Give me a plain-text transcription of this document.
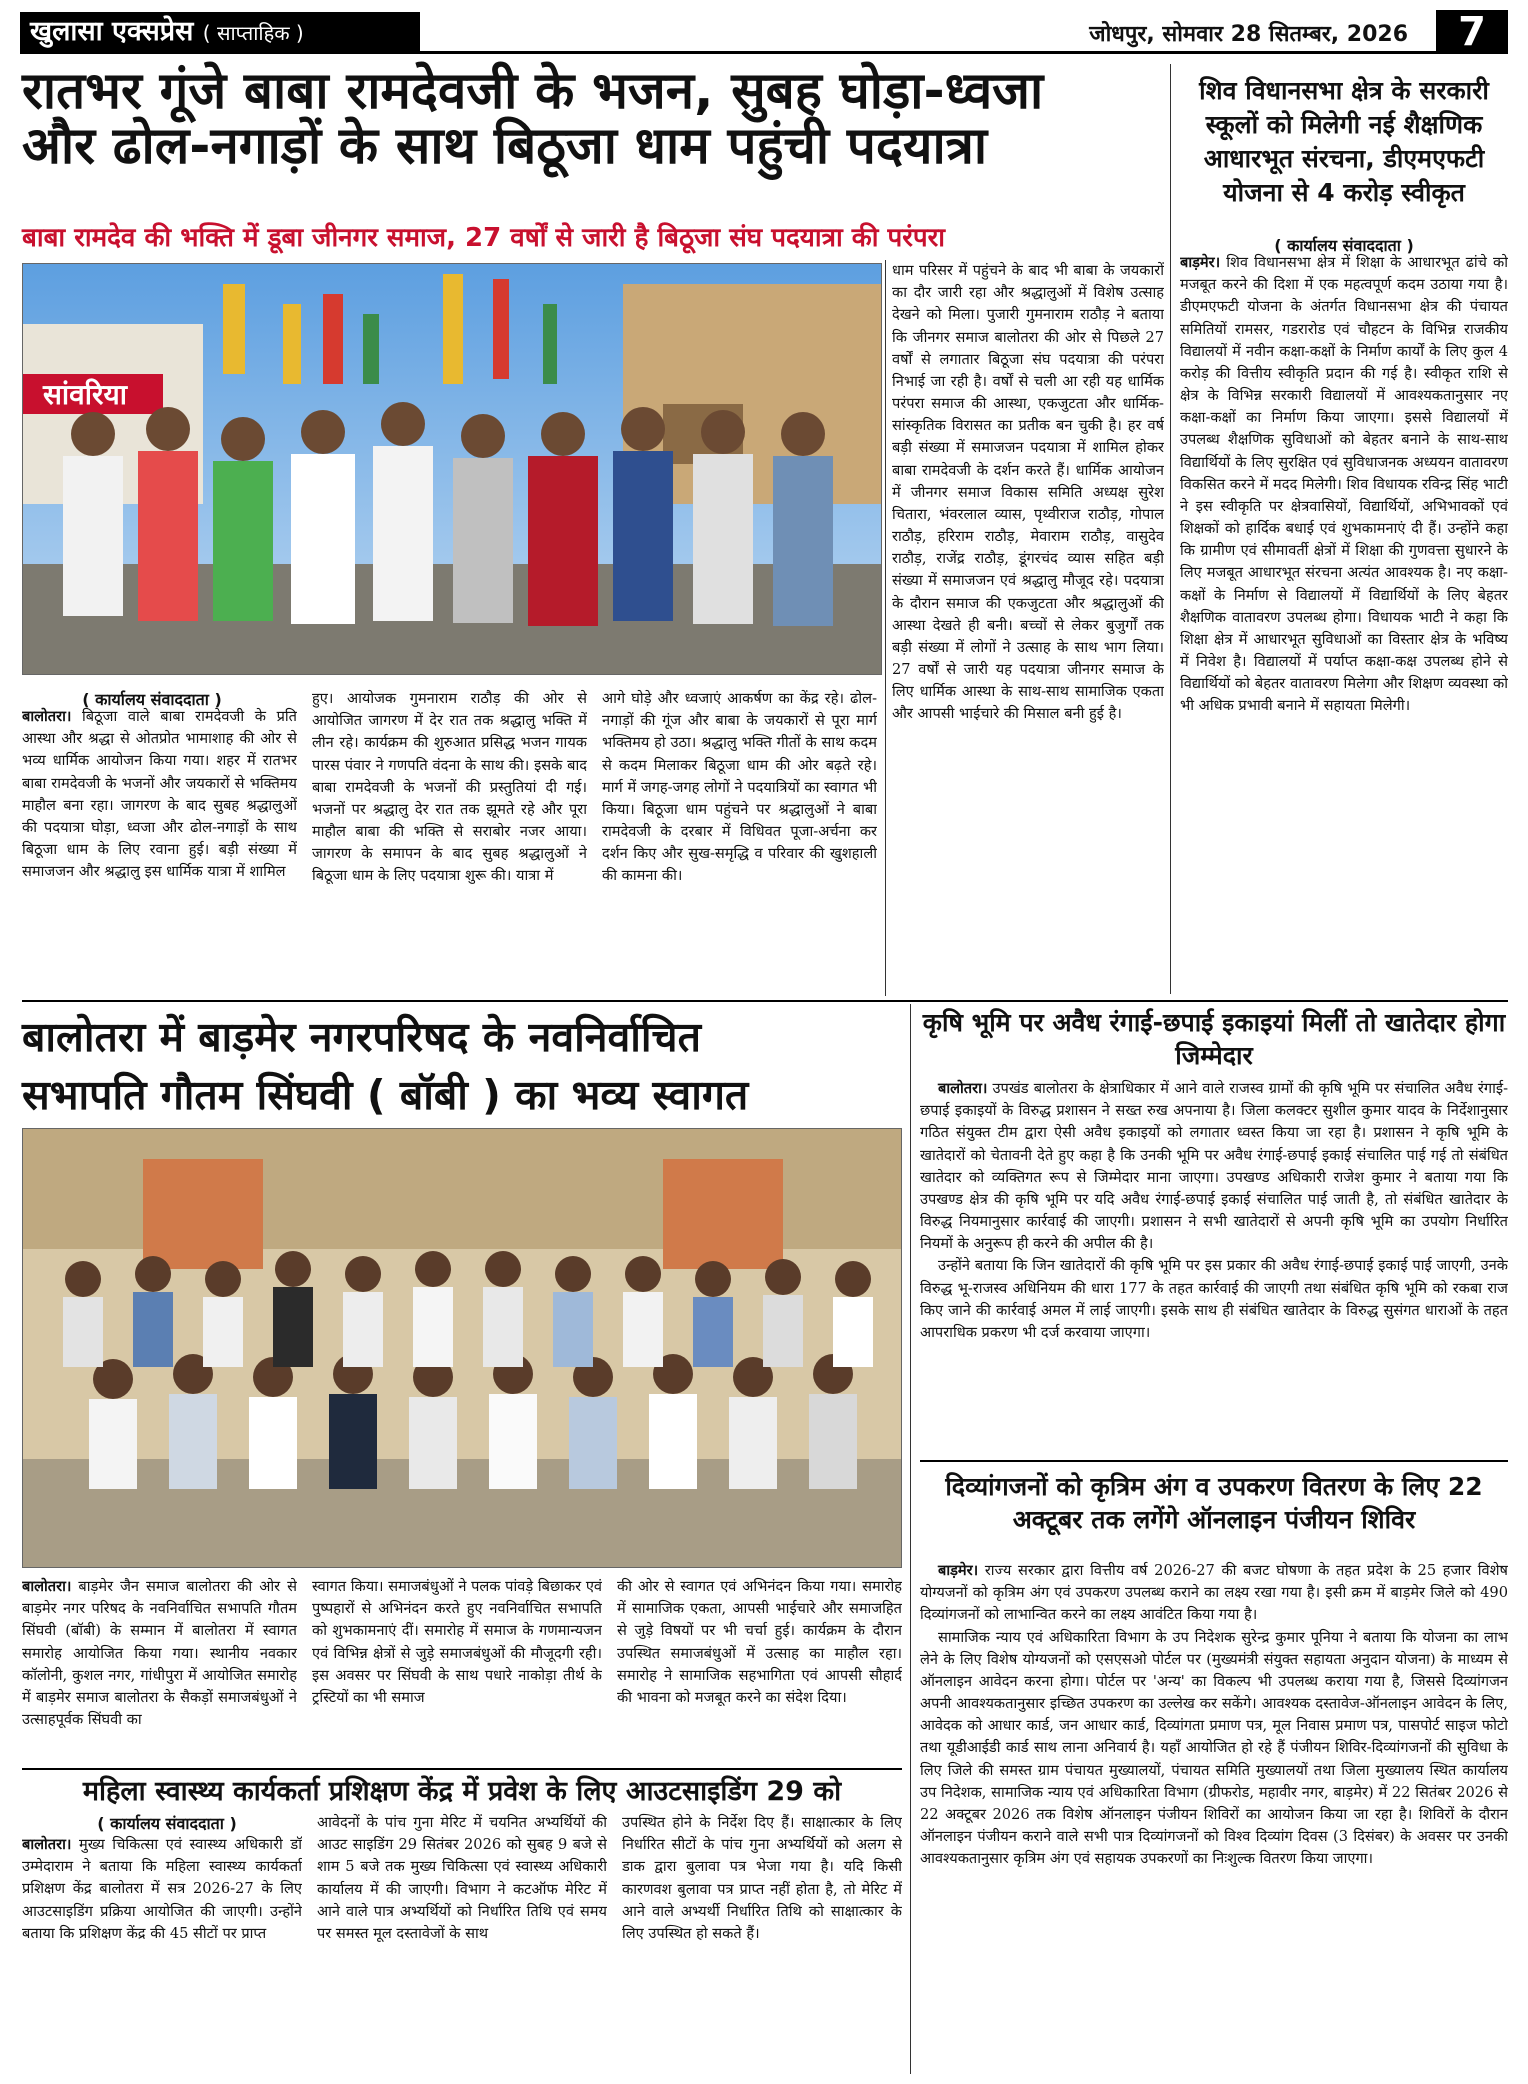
खुलासा एक्सप्रेस ( साप्ताहिक )	जोधपुर, सोमवार 28 सितम्बर, 2026	7
रातभर गूंजे बाबा रामदेवजी के भजन, सुबह घोड़ा-ध्वजा
और ढोल-नगाड़ों के साथ बिठूजा धाम पहुंची पदयात्रा
बाबा रामदेव की भक्ति में डूबा जीनगर समाज, 27 वर्षों से जारी है बिठूजा संघ पदयात्रा की परंपरा
सांवरिया
( कार्यालय संवाददाता )
बालोतरा। बिठूजा वाले बाबा रामदेवजी के प्रति आस्था और श्रद्धा से ओतप्रोत भामाशाह की ओर से भव्य धार्मिक आयोजन किया गया। शहर में रातभर बाबा रामदेवजी के भजनों और जयकारों से भक्तिमय माहौल बना रहा। जागरण के बाद सुबह श्रद्धालुओं की पदयात्रा घोड़ा, ध्वजा और ढोल-नगाड़ों के साथ बिठूजा धाम के लिए रवाना हुई। बड़ी संख्या में समाजजन और श्रद्धालु इस धार्मिक यात्रा में शामिल
हुए। आयोजक गुमनाराम राठौड़ की ओर से आयोजित जागरण में देर रात तक श्रद्धालु भक्ति में लीन रहे। कार्यक्रम की शुरुआत प्रसिद्ध भजन गायक पारस पंवार ने गणपति वंदना के साथ की। इसके बाद बाबा रामदेवजी के भजनों की प्रस्तुतियां दी गई। भजनों पर श्रद्धालु देर रात तक झूमते रहे और पूरा माहौल बाबा की भक्ति से सराबोर नजर आया।जागरण के समापन के बाद सुबह श्रद्धालुओं ने बिठूजा धाम के लिए पदयात्रा शुरू की। यात्रा में
आगे घोड़े और ध्वजाएं आकर्षण का केंद्र रहे। ढोल-नगाड़ों की गूंज और बाबा के जयकारों से पूरा मार्ग भक्तिमय हो उठा। श्रद्धालु भक्ति गीतों के साथ कदम से कदम मिलाकर बिठूजा धाम की ओर बढ़ते रहे। मार्ग में जगह-जगह लोगों ने पदयात्रियों का स्वागत भी किया। बिठूजा धाम पहुंचने पर श्रद्धालुओं ने बाबा रामदेवजी के दरबार में विधिवत पूजा-अर्चना कर दर्शन किए और सुख-समृद्धि व परिवार की खुशहाली की कामना की।
धाम परिसर में पहुंचने के बाद भी बाबा के जयकारों का दौर जारी रहा और श्रद्धालुओं में विशेष उत्साह देखने को मिला। पुजारी गुमनाराम राठौड़ ने बताया कि जीनगर समाज बालोतरा की ओर से पिछले 27 वर्षों से लगातार बिठूजा संघ पदयात्रा की परंपरा निभाई जा रही है। वर्षों से चली आ रही यह धार्मिक परंपरा समाज की आस्था, एकजुटता और धार्मिक-सांस्कृतिक विरासत का प्रतीक बन चुकी है। हर वर्ष बड़ी संख्या में समाजजन पदयात्रा में शामिल होकर बाबा रामदेवजी के दर्शन करते हैं। धार्मिक आयोजन में जीनगर समाज विकास समिति अध्यक्ष सुरेश चितारा, भंवरलाल व्यास, पृथ्वीराज राठौड़, गोपाल राठौड़, हरिराम राठौड़, मेवाराम राठौड़, वासुदेव राठौड़, राजेंद्र राठौड़, डूंगरचंद व्यास सहित बड़ी संख्या में समाजजन एवं श्रद्धालु मौजूद रहे। पदयात्रा के दौरान समाज की एकजुटता और श्रद्धालुओं की आस्था देखते ही बनी। बच्चों से लेकर बुजुर्गों तक बड़ी संख्या में लोगों ने उत्साह के साथ भाग लिया। 27 वर्षों से जारी यह पदयात्रा जीनगर समाज के लिए धार्मिक आस्था के साथ-साथ सामाजिक एकता और आपसी भाईचारे की मिसाल बनी हुई है।
शिव विधानसभा क्षेत्र के सरकारी स्कूलों को मिलेगी नई शैक्षणिक आधारभूत संरचना, डीएमएफटी योजना से 4 करोड़ स्वीकृत
( कार्यालय संवाददाता )
बाड़मेर। शिव विधानसभा क्षेत्र में शिक्षा के आधारभूत ढांचे को मजबूत करने की दिशा में एक महत्वपूर्ण कदम उठाया गया है। डीएमएफटी योजना के अंतर्गत विधानसभा क्षेत्र की पंचायत समितियों रामसर, गडरारोड एवं चौहटन के विभिन्न राजकीय विद्यालयों में नवीन कक्षा-कक्षों के निर्माण कार्यों के लिए कुल 4 करोड़ की वित्तीय स्वीकृति प्रदान की गई है। स्वीकृत राशि से क्षेत्र के विभिन्न सरकारी विद्यालयों में आवश्यकतानुसार नए कक्षा-कक्षों का निर्माण किया जाएगा। इससे विद्यालयों में उपलब्ध शैक्षणिक सुविधाओं को बेहतर बनाने के साथ-साथ विद्यार्थियों के लिए सुरक्षित एवं सुविधाजनक अध्ययन वातावरण विकसित करने में मदद मिलेगी। शिव विधायक रविन्द्र सिंह भाटी ने इस स्वीकृति पर क्षेत्रवासियों, विद्यार्थियों, अभिभावकों एवं शिक्षकों को हार्दिक बधाई एवं शुभकामनाएं दी हैं। उन्होंने कहा कि ग्रामीण एवं सीमावर्ती क्षेत्रों में शिक्षा की गुणवत्ता सुधारने के लिए मजबूत आधारभूत संरचना अत्यंत आवश्यक है। नए कक्षा-कक्षों के निर्माण से विद्यालयों में विद्यार्थियों के लिए बेहतर शैक्षणिक वातावरण उपलब्ध होगा। विधायक भाटी ने कहा कि शिक्षा क्षेत्र में आधारभूत सुविधाओं का विस्तार क्षेत्र के भविष्य में निवेश है। विद्यालयों में पर्याप्त कक्षा-कक्ष उपलब्ध होने से विद्यार्थियों को बेहतर वातावरण मिलेगा और शिक्षण व्यवस्था को भी अधिक प्रभावी बनाने में सहायता मिलेगी।
बालोतरा में बाड़मेर नगरपरिषद के नवनिर्वाचित
सभापति गौतम सिंघवी ( बॉबी ) का भव्य स्वागत
बालोतरा। बाड़मेर जैन समाज बालोतरा की ओर से बाड़मेर नगर परिषद के नवनिर्वाचित सभापति गौतम सिंघवी (बॉबी) के सम्मान में बालोतरा में स्वागत समारोह आयोजित किया गया। स्थानीय नवकार कॉलोनी, कुशल नगर, गांधीपुरा में आयोजित समारोह में बाड़मेर समाज बालोतरा के सैकड़ों समाजबंधुओं ने उत्साहपूर्वक सिंघवी का
स्वागत किया। समाजबंधुओं ने पलक पांवड़े बिछाकर एवं पुष्पहारों से अभिनंदन करते हुए नवनिर्वाचित सभापति को शुभकामनाएं दीं। समारोह में समाज के गणमान्यजन एवं विभिन्न क्षेत्रों से जुड़े समाजबंधुओं की मौजूदगी रही। इस अवसर पर सिंघवी के साथ पधारे नाकोड़ा तीर्थ के ट्रस्टियों का भी समाज
की ओर से स्वागत एवं अभिनंदन किया गया। समारोह में सामाजिक एकता, आपसी भाईचारे और समाजहित से जुड़े विषयों पर भी चर्चा हुई। कार्यक्रम के दौरान उपस्थित समाजबंधुओं में उत्साह का माहौल रहा। समारोह ने सामाजिक सहभागिता एवं आपसी सौहार्द की भावना को मजबूत करने का संदेश दिया।
कृषि भूमि पर अवैध रंगाई-छपाई इकाइयां मिलीं तो खातेदार होगा जिम्मेदार

बालोतरा। उपखंड बालोतरा के क्षेत्राधिकार में आने वाले राजस्व ग्रामों की कृषि भूमि पर संचालित अवैध रंगाई-छपाई इकाइयों के विरुद्ध प्रशासन ने सख्त रुख अपनाया है। जिला कलक्टर सुशील कुमार यादव के निर्देशानुसार गठित संयुक्त टीम द्वारा ऐसी अवैध इकाइयों को लगातार ध्वस्त किया जा रहा है। प्रशासन ने कृषि भूमि के खातेदारों को चेतावनी देते हुए कहा है कि उनकी भूमि पर अवैध रंगाई-छपाई इकाई संचालित पाई गई तो संबंधित खातेदार को व्यक्तिगत रूप से जिम्मेदार माना जाएगा। उपखण्ड अधिकारी राजेश कुमार ने बताया गया कि उपखण्ड क्षेत्र की कृषि भूमि पर यदि अवैध रंगाई-छपाई इकाई संचालित पाई जाती है, तो संबंधित खातेदार के विरुद्ध नियमानुसार कार्रवाई की जाएगी। प्रशासन ने सभी खातेदारों से अपनी कृषि भूमि का उपयोग निर्धारित नियमों के अनुरूप ही करने की अपील की है।

उन्होंने बताया कि जिन खातेदारों की कृषि भूमि पर इस प्रकार की अवैध रंगाई-छपाई इकाई पाई जाएगी, उनके विरुद्ध भू-राजस्व अधिनियम की धारा 177 के तहत कार्रवाई की जाएगी तथा संबंधित कृषि भूमि को रकबा राज किए जाने की कार्रवाई अमल में लाई जाएगी। इसके साथ ही संबंधित खातेदार के विरुद्ध सुसंगत धाराओं के तहत आपराधिक प्रकरण भी दर्ज करवाया जाएगा।

दिव्यांगजनों को कृत्रिम अंग व उपकरण वितरण के लिए 22 अक्टूबर तक लगेंगे ऑनलाइन पंजीयन शिविर

बाड़मेर। राज्य सरकार द्वारा वित्तीय वर्ष 2026-27 की बजट घोषणा के तहत प्रदेश के 25 हजार विशेष योग्यजनों को कृत्रिम अंग एवं उपकरण उपलब्ध कराने का लक्ष्य रखा गया है। इसी क्रम में बाड़मेर जिले को 490 दिव्यांगजनों को लाभान्वित करने का लक्ष्य आवंटित किया गया है।

सामाजिक न्याय एवं अधिकारिता विभाग के उप निदेशक सुरेन्द्र कुमार पूनिया ने बताया कि योजना का लाभ लेने के लिए विशेष योग्यजनों को एसएसओ पोर्टल पर (मुख्यमंत्री संयुक्त सहायता अनुदान योजना) के माध्यम से ऑनलाइन आवेदन करना होगा। पोर्टल पर 'अन्य' का विकल्प भी उपलब्ध कराया गया है, जिससे दिव्यांगजन अपनी आवश्यकतानुसार इच्छित उपकरण का उल्लेख कर सकेंगे। आवश्यक दस्तावेज-ऑनलाइन आवेदन के लिए, आवेदक को आधार कार्ड, जन आधार कार्ड, दिव्यांगता प्रमाण पत्र, मूल निवास प्रमाण पत्र, पासपोर्ट साइज फोटो तथा यूडीआईडी कार्ड साथ लाना अनिवार्य है। यहाँ आयोजित हो रहे हैं पंजीयन शिविर-दिव्यांगजनों की सुविधा के लिए जिले की समस्त ग्राम पंचायत मुख्यालयों, पंचायत समिति मुख्यालयों तथा जिला मुख्यालय स्थित कार्यालय उप निदेशक, सामाजिक न्याय एवं अधिकारिता विभाग (ग्रीफरोड, महावीर नगर, बाड़मेर) में 22 सितंबर 2026 से 22 अक्टूबर 2026 तक विशेष ऑनलाइन पंजीयन शिविरों का आयोजन किया जा रहा है। शिविरों के दौरान ऑनलाइन पंजीयन कराने वाले सभी पात्र दिव्यांगजनों को विश्व दिव्यांग दिवस (3 दिसंबर) के अवसर पर उनकी आवश्यकतानुसार कृत्रिम अंग एवं सहायक उपकरणों का निःशुल्क वितरण किया जाएगा।

महिला स्वास्थ्य कार्यकर्ता प्रशिक्षण केंद्र में प्रवेश के लिए आउटसाइडिंग 29 को
( कार्यालय संवाददाता )
बालोतरा। मुख्य चिकित्सा एवं स्वास्थ्य अधिकारी डॉ उम्मेदाराम ने बताया कि महिला स्वास्थ्य कार्यकर्ता प्रशिक्षण केंद्र बालोतरा में सत्र 2026-27 के लिए आउटसाइडिंग प्रक्रिया आयोजित की जाएगी। उन्होंने बताया कि प्रशिक्षण केंद्र की 45 सीटों पर प्राप्त
आवेदनों के पांच गुना मेरिट में चयनित अभ्यर्थियों की आउट साइडिंग 29 सितंबर 2026 को सुबह 9 बजे से शाम 5 बजे तक मुख्य चिकित्सा एवं स्वास्थ्य अधिकारी कार्यालय में की जाएगी। विभाग ने कटऑफ मेरिट में आने वाले पात्र अभ्यर्थियों को निर्धारित तिथि एवं समय पर समस्त मूल दस्तावेजों के साथ
उपस्थित होने के निर्देश दिए हैं। साक्षात्कार के लिए निर्धारित सीटों के पांच गुना अभ्यर्थियों को अलग से डाक द्वारा बुलावा पत्र भेजा गया है। यदि किसी कारणवश बुलावा पत्र प्राप्त नहीं होता है, तो मेरिट में आने वाले अभ्यर्थी निर्धारित तिथि को साक्षात्कार के लिए उपस्थित हो सकते हैं।
